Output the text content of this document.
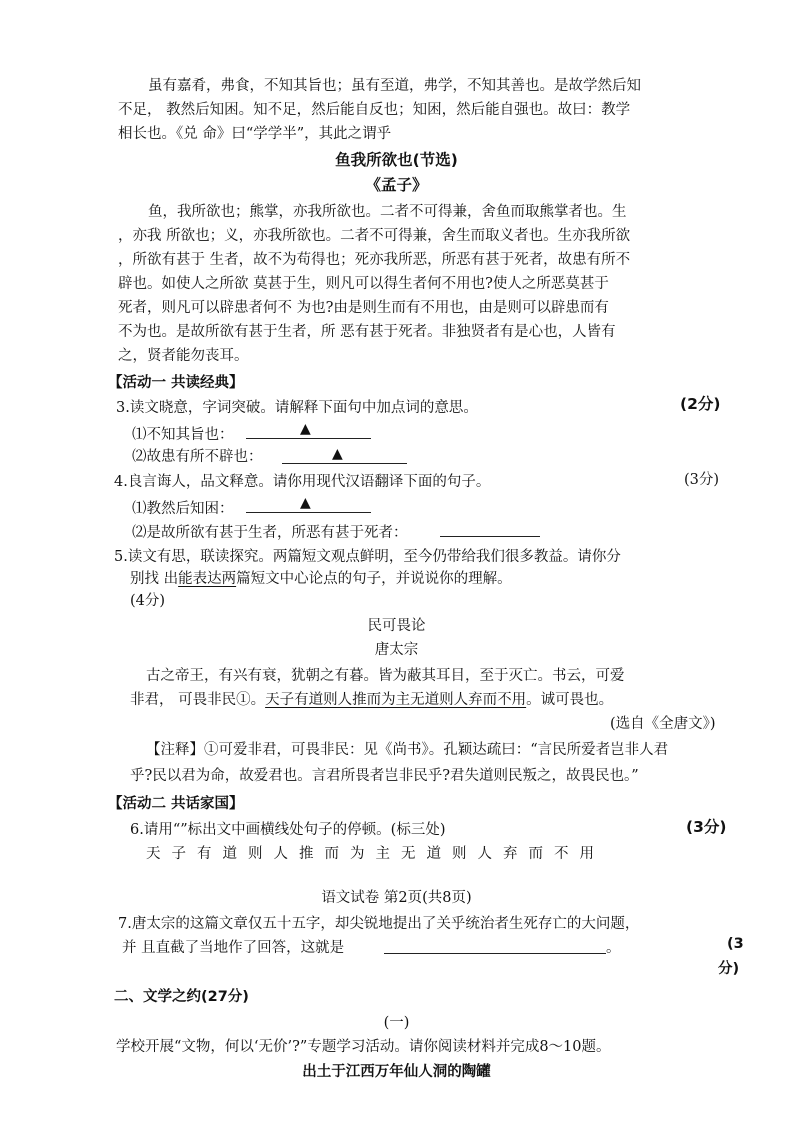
虽有嘉肴，弗食，不知其旨也；虽有至道，弗学，不知其善也。是故学然后知
不足， 教然后知困。知不足，然后能自反也；知困，然后能自强也。故曰：教学
相长也。《兑 命》曰“学学半”，其此之谓乎
鱼我所欲也(节选)
《孟子》
鱼，我所欲也；熊掌，亦我所欲也。二者不可得兼，舍鱼而取熊掌者也。生
，亦我 所欲也；义，亦我所欲也。二者不可得兼，舍生而取义者也。生亦我所欲
，所欲有甚于 生者，故不为苟得也；死亦我所恶，所恶有甚于死者，故患有所不
辟也。如使人之所欲 莫甚于生，则凡可以得生者何不用也?使人之所恶莫甚于
死者，则凡可以辟患者何不 为也?由是则生而有不用也，由是则可以辟患而有
不为也。是故所欲有甚于生者，所 恶有甚于死者。非独贤者有是心也，人皆有
之，贤者能勿丧耳。
【活动一 共读经典】
3.读文晓意，字词突破。请解释下面句中加点词的意思。	(2分)
⑴不知其旨也：	▲
⑵故患有所不辟也：	▲
4.良言诲人，品文释意。请你用现代汉语翻译下面的句子。	(3分)
⑴教然后知困：	▲
⑵是故所欲有甚于生者，所恶有甚于死者：
5.读文有思，联读探究。两篇短文观点鲜明，至今仍带给我们很多教益。请你分
别找 出能表达两篇短文中心论点的句子，并说说你的理解。
(4分)
民可畏论
唐太宗
古之帝王，有兴有衰，犹朝之有暮。皆为蔽其耳目，至于灭亡。书云，可爱
非君， 可畏非民①。天子有道则人推而为主无道则人弃而不用。诚可畏也。
(选自《全唐文》)
【注释】①可爱非君，可畏非民：见《尚书》。孔颖达疏曰：“言民所爱者岂非人君
乎?民以君为命，故爱君也。言君所畏者岂非民乎?君失道则民叛之，故畏民也。”
【活动二 共话家国】
6.请用“”标出文中画横线处句子的停顿。(标三处)	(3分)
天子有道则人推而为主无道则人弃而不用
语文试卷 第2页(共8页)
7.唐太宗的这篇文章仅五十五字，却尖锐地提出了关乎统治者生死存亡的大问题，
并 且直截了当地作了回答，这就是	。	(3
分)
二、文学之约(27分)
(一)
学校开展“文物，何以‘无价’?”专题学习活动。请你阅读材料并完成8～10题。
出土于江西万年仙人洞的陶罐
